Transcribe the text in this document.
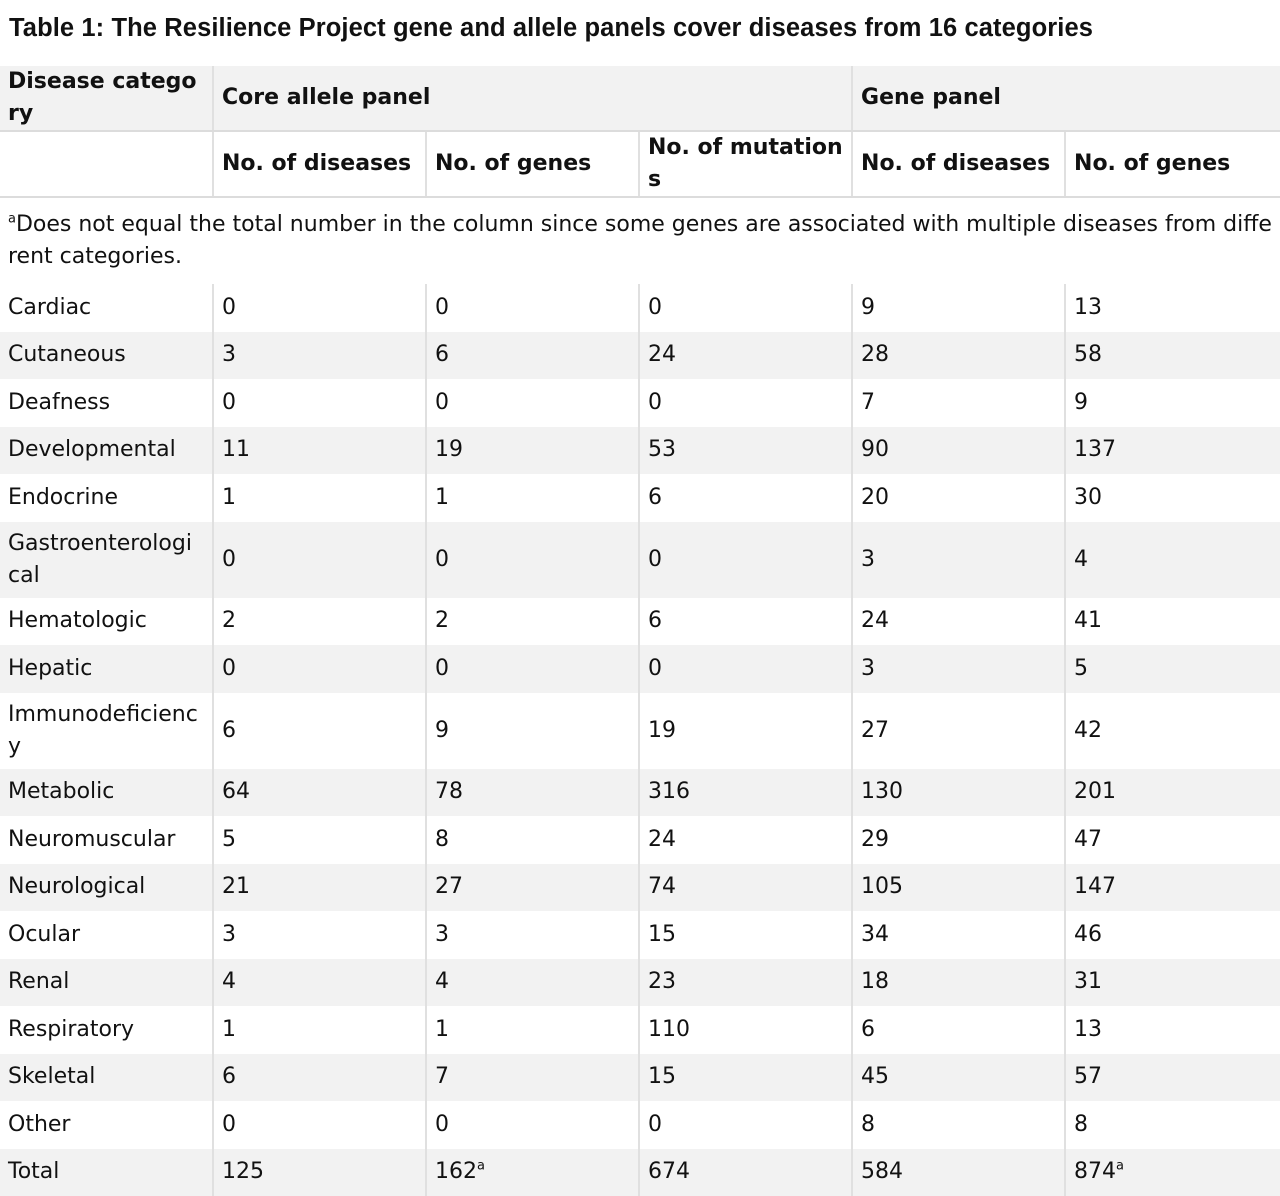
Table 1: The Resilience Project gene and allele panels cover diseases from 16 categories
Disease category	Core allele panel			Gene panel	
	No. of diseases	No. of genes	No. of mutations	No. of diseases	No. of genes
$^a$Does not equal the total number in the column since some genes are associated with multiple diseases from different categories.					
Cardiac	0	0	0	9	13
Cutaneous	3	6	24	28	58
Deafness	0	0	0	7	9
Developmental	11	19	53	90	137
Endocrine	1	1	6	20	30
Gastroenterological	0	0	0	3	4
Hematologic	2	2	6	24	41
Hepatic	0	0	0	3	5
Immunodeficiency	6	9	19	27	42
Metabolic	64	78	316	130	201
Neuromuscular	5	8	24	29	47
Neurological	21	27	74	105	147
Ocular	3	3	15	34	46
Renal	4	4	23	18	31
Respiratory	1	1	110	6	13
Skeletal	6	7	15	45	57
Other	0	0	0	8	8
Total	125	162$^a$	674	584	874$^a$
